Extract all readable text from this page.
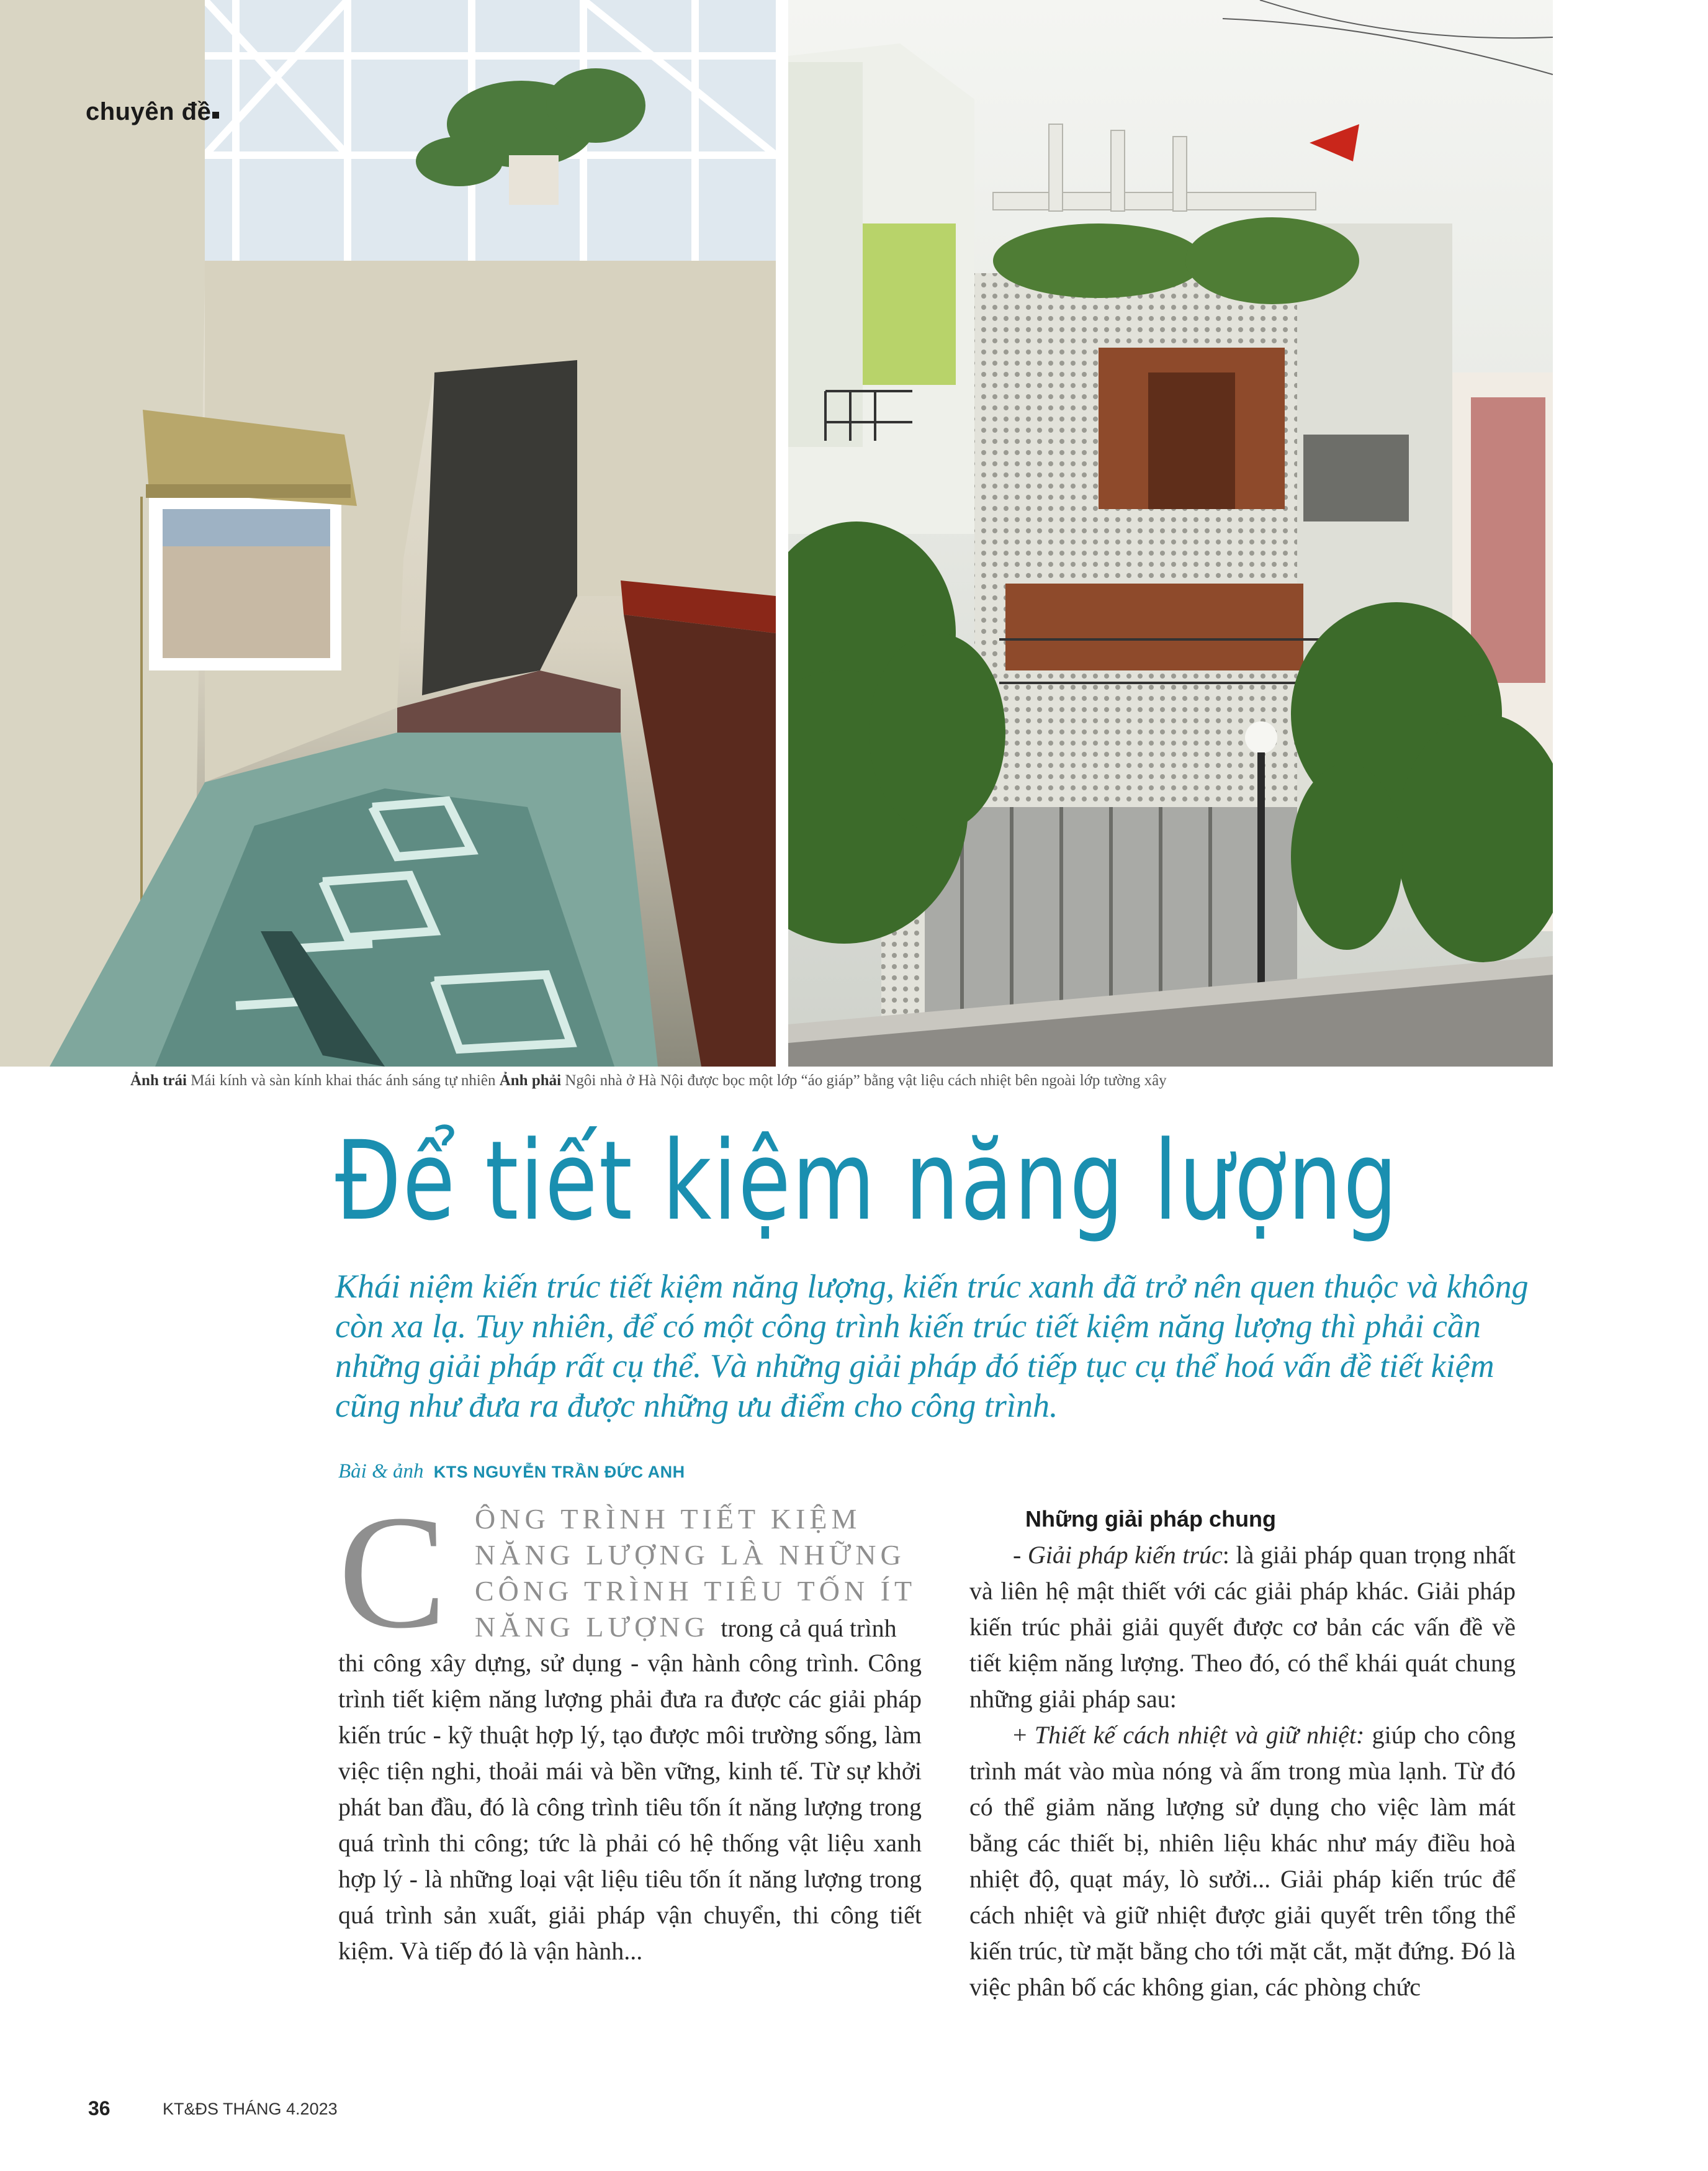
chuyên đề
Ảnh trái Mái kính và sàn kính khai thác ánh sáng tự nhiên Ảnh phải Ngôi nhà ở Hà Nội được bọc một lớp “áo giáp” bằng vật liệu cách nhiệt bên ngoài lớp tường xây
Để tiết kiệm năng lượng

Khái niệm kiến trúc tiết kiệm năng lượng, kiến trúc xanh đã trở nên quen thuộc và không còn xa lạ. Tuy nhiên, để có một công trình kiến trúc tiết kiệm năng lượng thì phải cần những giải pháp rất cụ thể. Và những giải pháp đó tiếp tục cụ thể hoá vấn đề tiết kiệm cũng như đưa ra được những ưu điểm cho công trình.

Bài & ảnh KTS NGUYỄN TRẦN ĐỨC ANH
C ÔNG TRÌNH TIẾT KIỆM
NĂNG LƯỢNG LÀ NHỮNG
CÔNG TRÌNH TIÊU TỐN ÍT
NĂNG LƯỢNG trong cả quá trình

thi công xây dựng, sử dụng - vận hành công trình. Công trình tiết kiệm năng lượng phải đưa ra được các giải pháp kiến trúc - kỹ thuật hợp lý, tạo được môi trường sống, làm việc tiện nghi, thoải mái và bền vững, kinh tế. Từ sự khởi phát ban đầu, đó là công trình tiêu tốn ít năng lượng trong quá trình thi công; tức là phải có hệ thống vật liệu xanh hợp lý - là những loại vật liệu tiêu tốn ít năng lượng trong quá trình sản xuất, giải pháp vận chuyển, thi công tiết kiệm. Và tiếp đó là vận hành...

Những giải pháp chung

- Giải pháp kiến trúc: là giải pháp quan trọng nhất và liên hệ mật thiết với các giải pháp khác. Giải pháp kiến trúc phải giải quyết được cơ bản các vấn đề về tiết kiệm năng lượng. Theo đó, có thể khái quát chung những giải pháp sau:

+ Thiết kế cách nhiệt và giữ nhiệt: giúp cho công trình mát vào mùa nóng và ấm trong mùa lạnh. Từ đó có thể giảm năng lượng sử dụng cho việc làm mát bằng các thiết bị, nhiên liệu khác như máy điều hoà nhiệt độ, quạt máy, lò sưởi... Giải pháp kiến trúc để cách nhiệt và giữ nhiệt được giải quyết trên tổng thể kiến trúc, từ mặt bằng cho tới mặt cắt, mặt đứng. Đó là việc phân bố các không gian, các phòng chức

36	KT&ĐS THÁNG 4.2023
